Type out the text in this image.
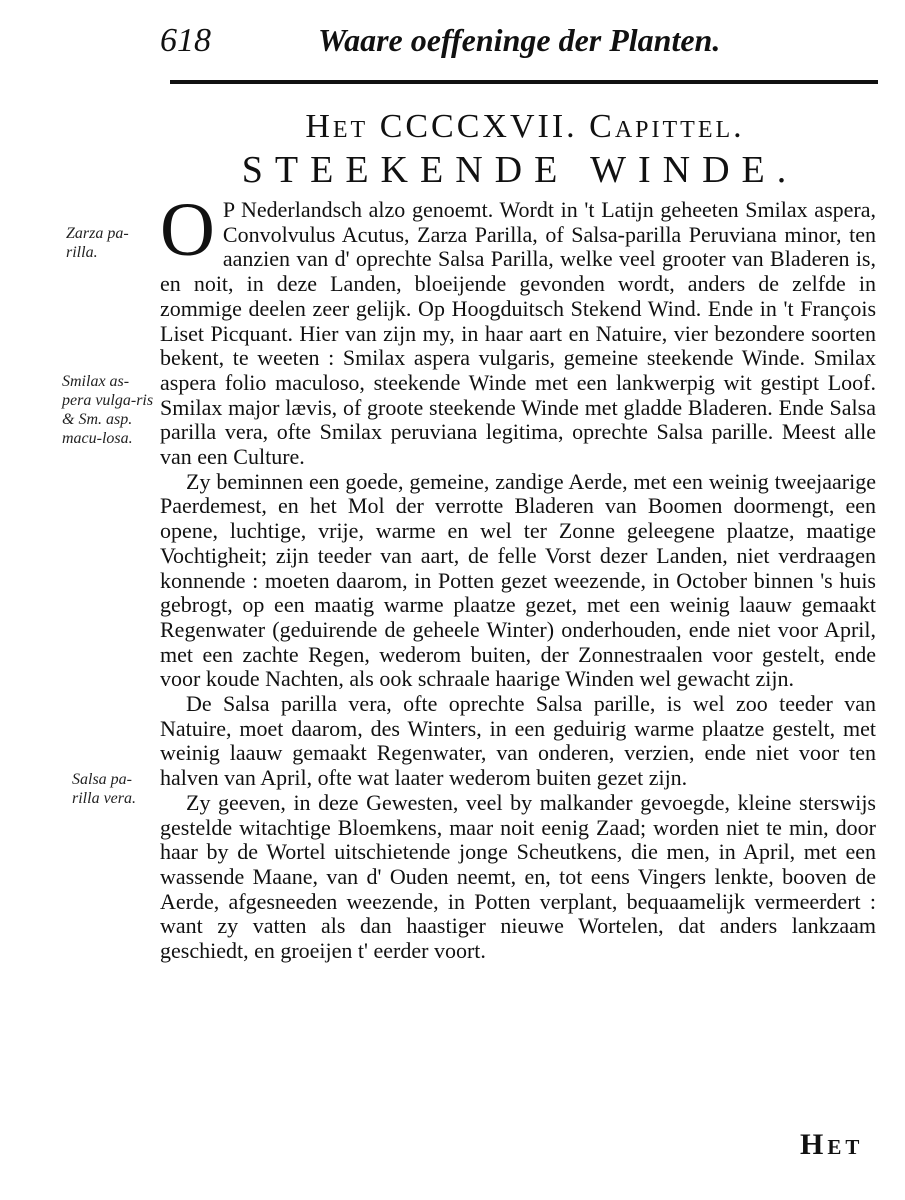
618	Waare oeffeninge der Planten.
Het CCCCXVII. Capittel.
STEEKENDE WINDE.
Zarza pa-rilla.
Smilax as-pera vulga-ris & Sm. asp. macu-losa.
Salsa pa-rilla vera.

O P Nederlandsch alzo genoemt. Wordt in 't Latijn geheeten Smilax aspera, Convolvulus Acutus, Zarza Parilla, of Salsa-parilla Peruviana minor, ten aanzien van d' oprechte Salsa Parilla, welke veel grooter van Bladeren is, en noit, in deze Landen, bloeijende gevonden wordt, anders de zelfde in zommige deelen zeer gelijk. Op Hoogduitsch Stekend Wind. Ende in 't François Liset Picquant. Hier van zijn my, in haar aart en Natuire, vier bezondere soorten bekent, te weeten : Smilax aspera vulgaris, gemeine steekende Winde. Smilax aspera folio maculoso, steekende Winde met een lankwerpig wit gestipt Loof. Smilax major lævis, of groote steekende Winde met gladde Bladeren. Ende Salsa parilla vera, ofte Smilax peruviana legitima, oprechte Salsa parille. Meest alle van een Culture.

Zy beminnen een goede, gemeine, zandige Aerde, met een weinig tweejaarige Paerdemest, en het Mol der verrotte Bladeren van Boomen doormengt, een opene, luchtige, vrije, warme en wel ter Zonne geleegene plaatze, maatige Vochtigheit; zijn teeder van aart, de felle Vorst dezer Landen, niet verdraagen konnende : moeten daarom, in Potten gezet weezende, in October binnen 's huis gebrogt, op een maatig warme plaatze gezet, met een weinig laauw gemaakt Regenwater (geduirende de geheele Winter) onderhouden, ende niet voor April, met een zachte Regen, wederom buiten, der Zonnestraalen voor gestelt, ende voor koude Nachten, als ook schraale haarige Winden wel gewacht zijn.

De Salsa parilla vera, ofte oprechte Salsa parille, is wel zoo teeder van Natuire, moet daarom, des Winters, in een geduirig warme plaatze gestelt, met weinig laauw gemaakt Regenwater, van onderen, verzien, ende niet voor ten halven van April, ofte wat laater wederom buiten gezet zijn.

Zy geeven, in deze Gewesten, veel by malkander gevoegde, kleine sterswijs gestelde witachtige Bloemkens, maar noit eenig Zaad; worden niet te min, door haar by de Wortel uitschietende jonge Scheutkens, die men, in April, met een wassende Maane, van d' Ouden neemt, en, tot eens Vingers lenkte, booven de Aerde, afgesneeden weezende, in Potten verplant, bequaamelijk vermeerdert : want zy vatten als dan haastiger nieuwe Wortelen, dat anders lankzaam geschiedt, en groeijen t' eerder voort.

Het
